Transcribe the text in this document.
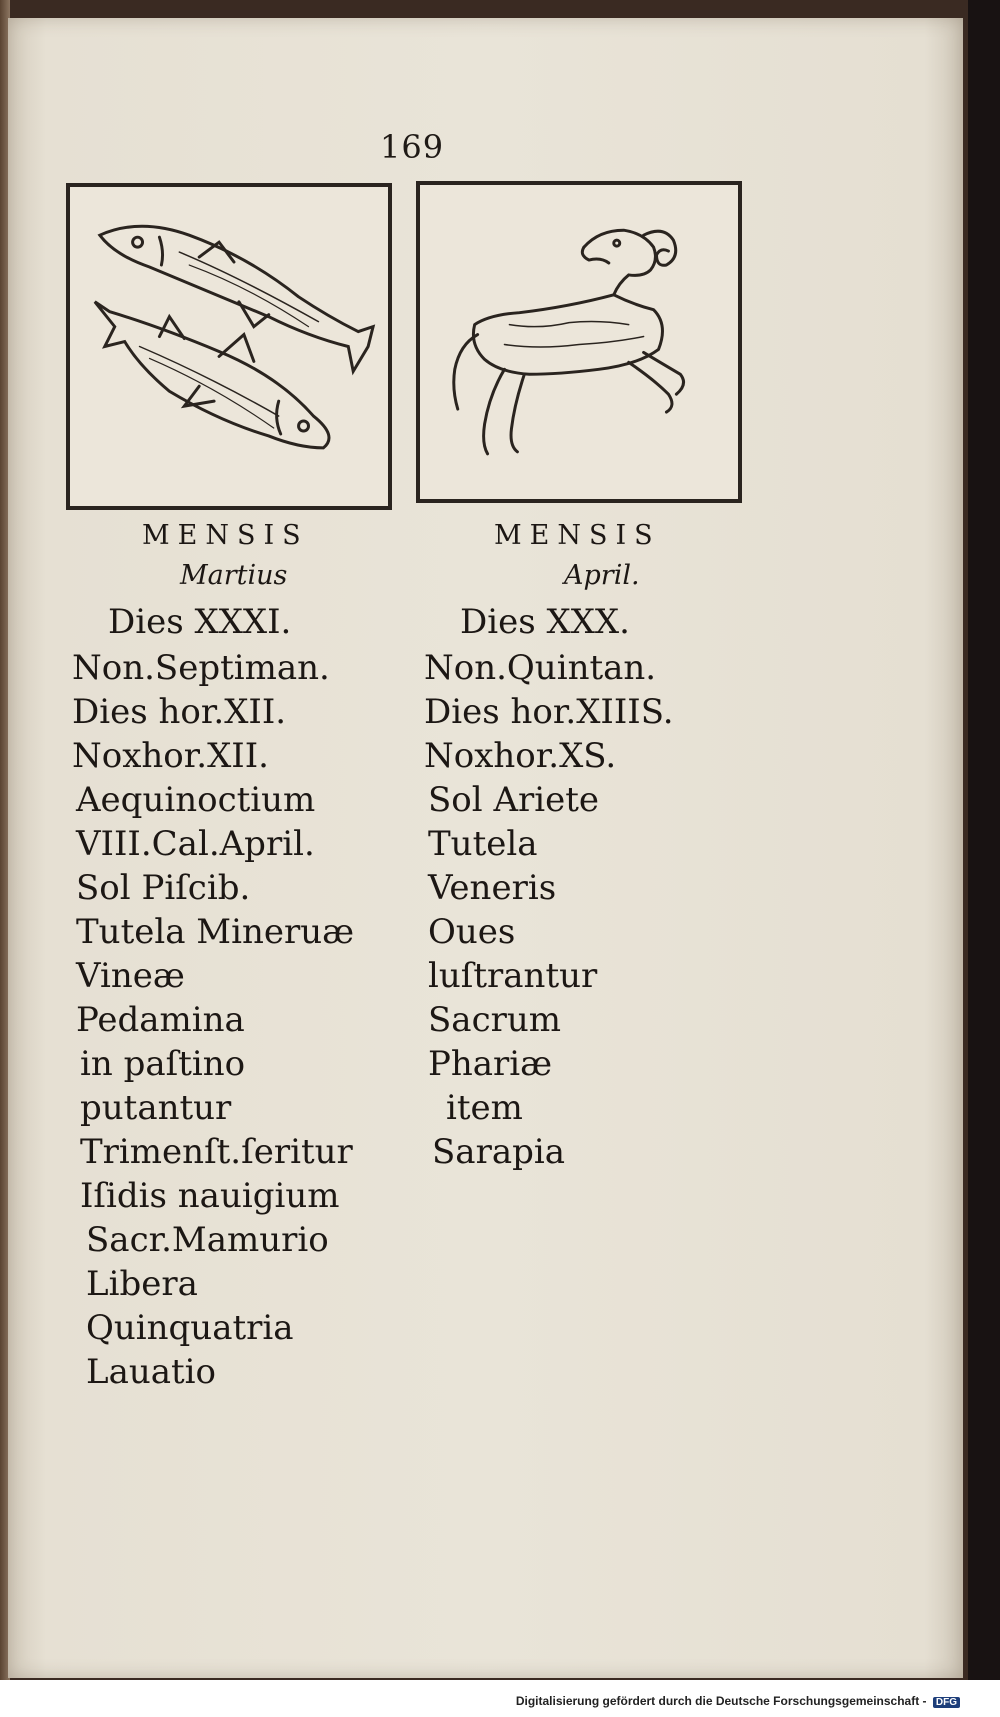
169
MENSIS
Martius
Dies XXXI.
Non.Septiman.
Dies hor.XII.
Noxhor.XII.
Aequinoctium
VIII.Cal.April.
Sol Piſcib.
Tutela Mineruæ
Vineæ
Pedamina
in paſtino
putantur
Trimenſt.ſeritur
Iſidis nauigium
Sacr.Mamurio
Libera
Quinquatria
Lauatio
MENSIS
April.
Dies XXX.
Non.Quintan.
Dies hor.XIIIS.
Noxhor.XS.
Sol Ariete
Tutela
Veneris
Oues
luſtrantur
Sacrum
Phariæ
item
Sarapia
Digitalisierung gefördert durch die Deutsche Forschungsgemeinschaft - DFG
